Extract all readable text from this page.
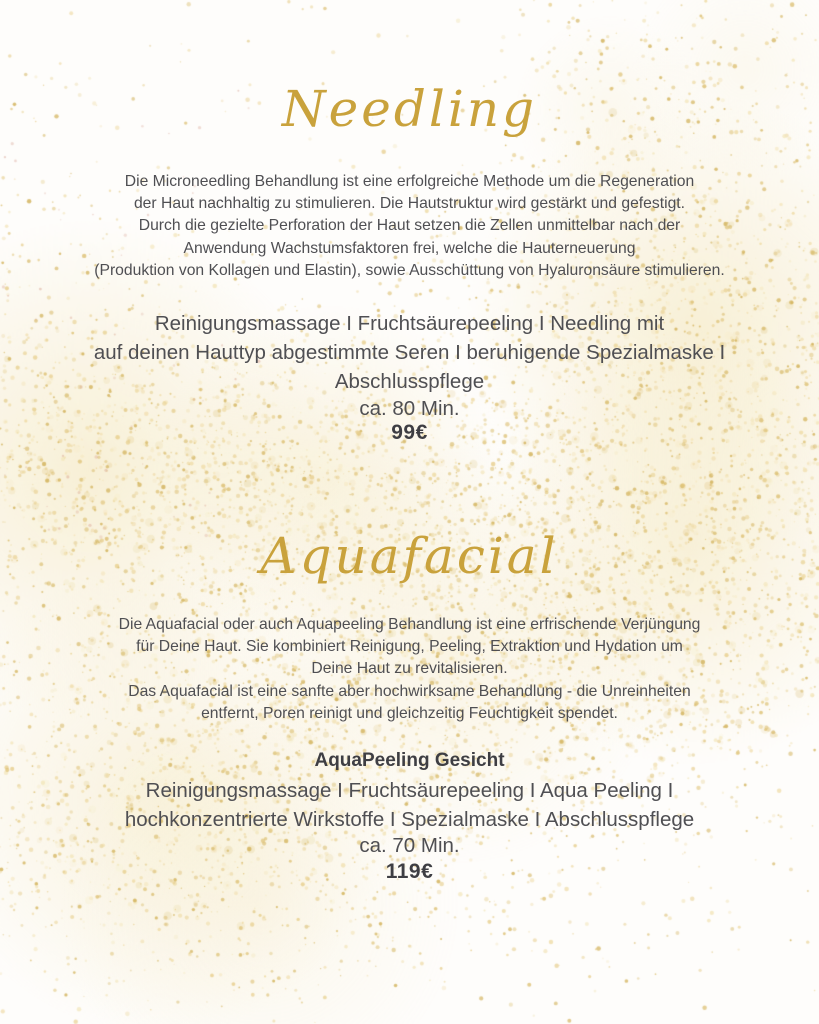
Needling

Die Microneedling Behandlung ist eine erfolgreiche Methode um die Regeneration
der Haut nachhaltig zu stimulieren. Die Hautstruktur wird gestärkt und gefestigt.
Durch die gezielte Perforation der Haut setzen die Zellen unmittelbar nach der
Anwendung Wachstumsfaktoren frei, welche die Hauterneuerung
(Produktion von Kollagen und Elastin), sowie Ausschüttung von Hyaluronsäure stimulieren.

Reinigungsmassage I Fruchtsäurepeeling I Needling mit
auf deinen Hauttyp abgestimmte Seren I beruhigende Spezialmaske I
Abschlusspflege

ca. 80 Min.

99€

Aquafacial

Die Aquafacial oder auch Aquapeeling Behandlung ist eine erfrischende Verjüngung
für Deine Haut. Sie kombiniert Reinigung, Peeling, Extraktion und Hydation um
Deine Haut zu revitalisieren.
Das Aquafacial ist eine sanfte aber hochwirksame Behandlung - die Unreinheiten
entfernt, Poren reinigt und gleichzeitig Feuchtigkeit spendet.

AquaPeeling Gesicht

Reinigungsmassage I Fruchtsäurepeeling I Aqua Peeling I
hochkonzentrierte Wirkstoffe I Spezialmaske I Abschlusspflege

ca. 70 Min.

119€
